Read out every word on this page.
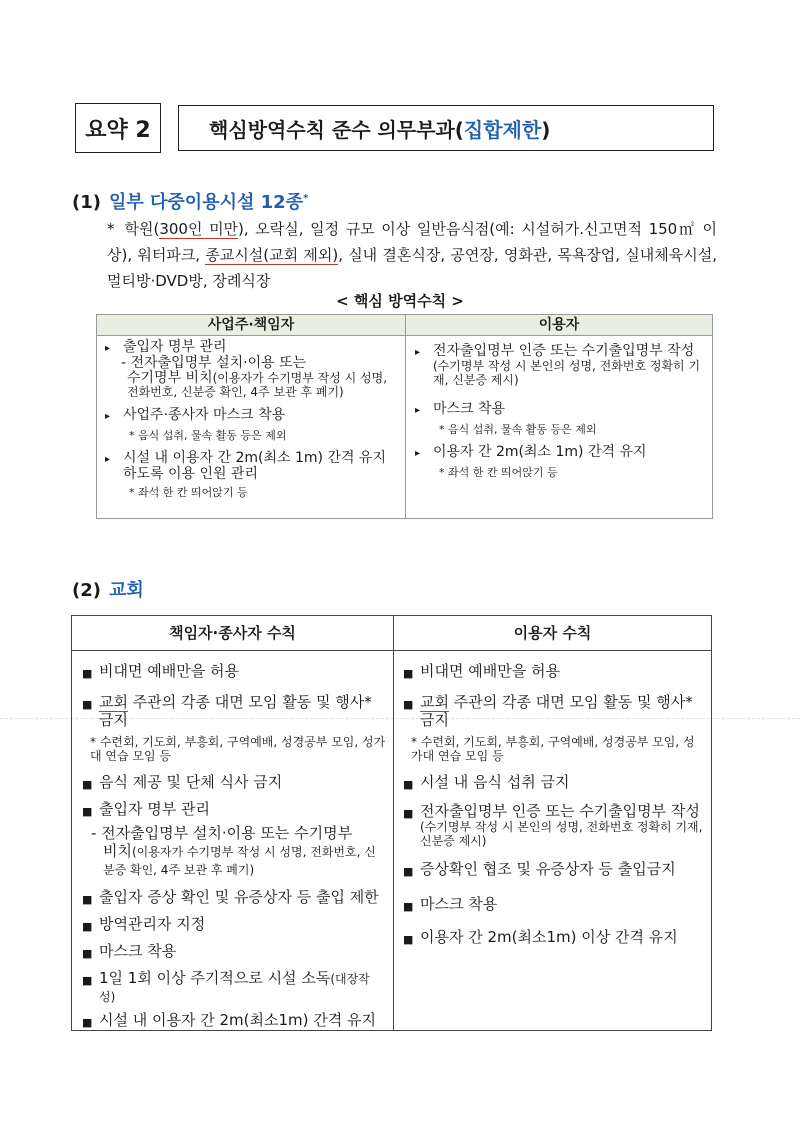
요약 2	핵심방역수칙 준수 의무부과(집합제한)
(1) 일부 다중이용시설 12종*
* 학원(300인 미만), 오락실, 일정 규모 이상 일반음식점(예: 시설허가.신고면적 150㎡ 이상), 워터파크, 종교시설(교회 제외), 실내 결혼식장, 공연장, 영화관, 목욕장업, 실내체육시설, 멀티방·DVD방, 장례식장
< 핵심 방역수칙 >
사업주·책임자	이용자
▸ 출입자 명부 관리
- 전자출입명부 설치·이용 또는
수기명부 비치(이용자가 수기명부 작성 시 성명, 전화번호, 신분증 확인, 4주 보관 후 폐기)
▸ 사업주·종사자 마스크 착용
* 음식 섭취, 물속 활동 등은 제외
▸ 시설 내 이용자 간 2m(최소 1m) 간격 유지하도록 이용 인원 관리
* 좌석 한 칸 띄어앉기 등
▸ 전자출입명부 인증 또는 수기출입명부 작성
(수기명부 작성 시 본인의 성명, 전화번호 정확히 기재, 신분증 제시)
▸ 마스크 착용
* 음식 섭취, 물속 활동 등은 제외
▸ 이용자 간 2m(최소 1m) 간격 유지
* 좌석 한 칸 띄어앉기 등
(2) 교회
책임자·종사자 수칙	이용자 수칙
■ 비대면 예배만을 허용
■ 교회 주관의 각종 대면 모임 활동 및 행사* 금지
* 수련회, 기도회, 부흥회, 구역예배, 성경공부 모임, 성가대 연습 모임 등
■ 음식 제공 및 단체 식사 금지
■ 출입자 명부 관리
- 전자출입명부 설치·이용 또는 수기명부
비치(이용자가 수기명부 작성 시 성명, 전화번호, 신분증 확인, 4주 보관 후 폐기)
■ 출입자 증상 확인 및 유증상자 등 출입 제한
■ 방역관리자 지정
■ 마스크 착용
■ 1일 1회 이상 주기적으로 시설 소독(대장작성)
■ 시설 내 이용자 간 2m(최소1m) 간격 유지
■ 비대면 예배만을 허용
■ 교회 주관의 각종 대면 모임 활동 및 행사* 금지
* 수련회, 기도회, 부흥회, 구역예배, 성경공부 모임, 성가대 연습 모임 등
■ 시설 내 음식 섭취 금지
■ 전자출입명부 인증 또는 수기출입명부 작성
(수기명부 작성 시 본인의 성명, 전화번호 정확히 기재, 신분증 제시)
■ 증상확인 협조 및 유증상자 등 출입금지
■ 마스크 착용
■ 이용자 간 2m(최소1m) 이상 간격 유지
